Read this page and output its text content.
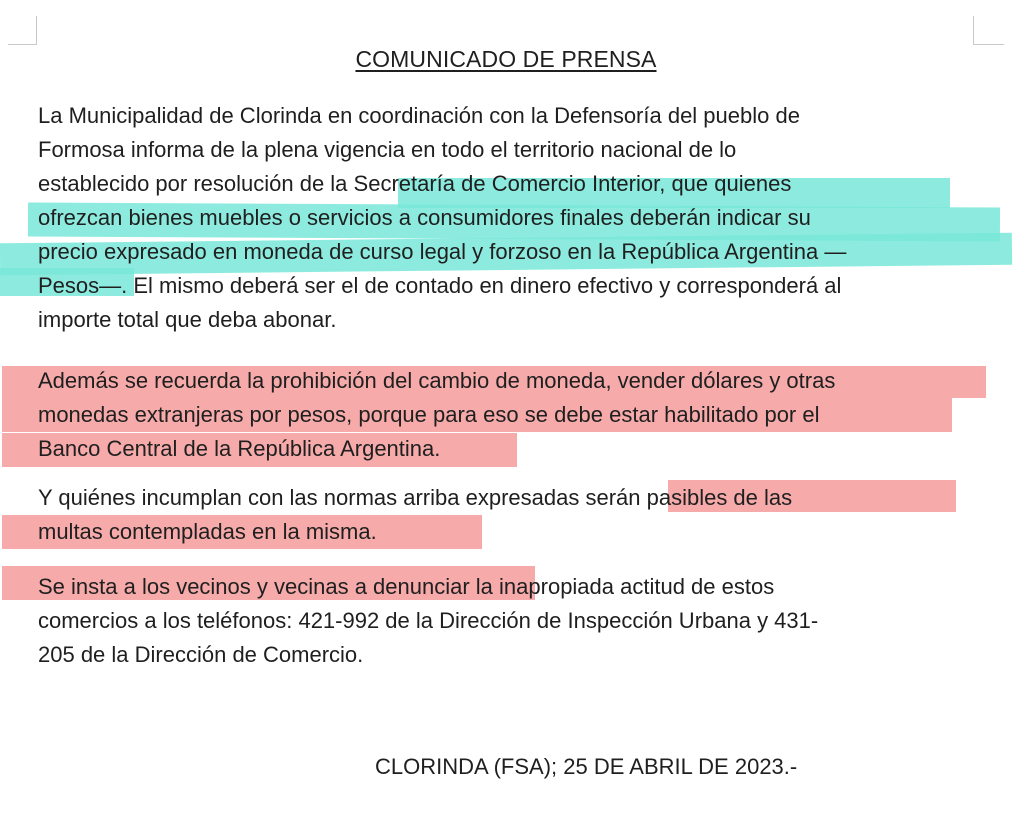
COMUNICADO DE PRENSA

La Municipalidad de Clorinda en coordinación con la Defensoría del pueblo de
Formosa informa de la plena vigencia en todo el territorio nacional de lo
establecido por resolución de la Secretaría de Comercio Interior, que quienes
ofrezcan bienes muebles o servicios a consumidores finales deberán indicar su
precio expresado en moneda de curso legal y forzoso en la República Argentina —
Pesos—. El mismo deberá ser el de contado en dinero efectivo y corresponderá al
importe total que deba abonar.

Además se recuerda la prohibición del cambio de moneda, vender dólares y otras
monedas extranjeras por pesos, porque para eso se debe estar habilitado por el
Banco Central de la República Argentina.

Y quiénes incumplan con las normas arriba expresadas serán pasibles de las
multas contempladas en la misma.

Se insta a los vecinos y vecinas a denunciar la inapropiada actitud de estos
comercios a los teléfonos: 421-992 de la Dirección de Inspección Urbana y 431-
205 de la Dirección de Comercio.

CLORINDA (FSA); 25 DE ABRIL DE 2023.-
